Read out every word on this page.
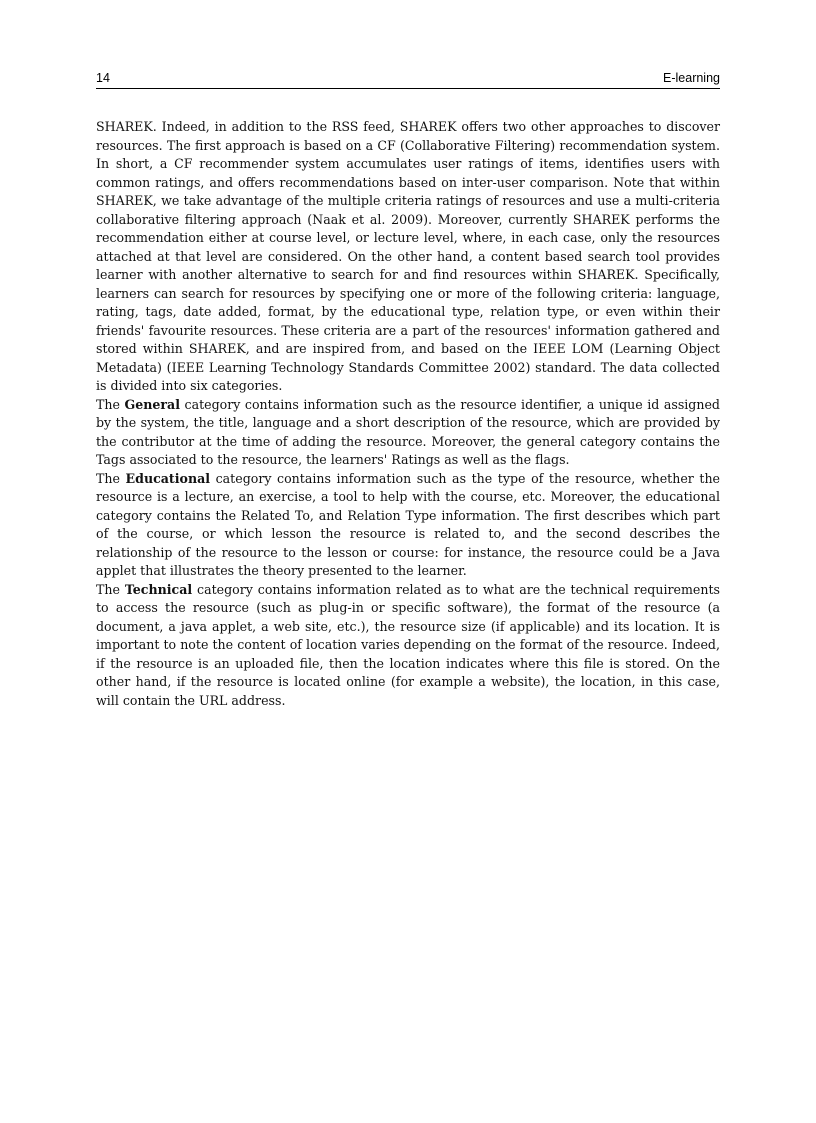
14	E-learning

SHAREK. Indeed, in addition to the RSS feed, SHAREK offers two other approaches to discover resources. The first approach is based on a CF (Collaborative Filtering) recommendation system. In short, a CF recommender system accumulates user ratings of items, identifies users with common ratings, and offers recommendations based on inter-user comparison. Note that within SHAREK, we take advantage of the multiple criteria ratings of resources and use a multi-criteria collaborative filtering approach (Naak et al. 2009). Moreover, currently SHAREK performs the recommendation either at course level, or lecture level, where, in each case, only the resources attached at that level are considered. On the other hand, a content based search tool provides learner with another alternative to search for and find resources within SHAREK. Specifically, learners can search for resources by specifying one or more of the following criteria: language, rating, tags, date added, format, by the educational type, relation type, or even within their friends' favourite resources. These criteria are a part of the resources' information gathered and stored within SHAREK, and are inspired from, and based on the IEEE LOM (Learning Object Metadata) (IEEE Learning Technology Standards Committee 2002) standard. The data collected is divided into six categories.

The General category contains information such as the resource identifier, a unique id assigned by the system, the title, language and a short description of the resource, which are provided by the contributor at the time of adding the resource. Moreover, the general category contains the Tags associated to the resource, the learners' Ratings as well as the flags.

The Educational category contains information such as the type of the resource, whether the resource is a lecture, an exercise, a tool to help with the course, etc. Moreover, the educational category contains the Related To, and Relation Type information. The first describes which part of the course, or which lesson the resource is related to, and the second describes the relationship of the resource to the lesson or course: for instance, the resource could be a Java applet that illustrates the theory presented to the learner.

The Technical category contains information related as to what are the technical requirements to access the resource (such as plug-in or specific software), the format of the resource (a document, a java applet, a web site, etc.), the resource size (if applicable) and its location. It is important to note the content of location varies depending on the format of the resource. Indeed, if the resource is an uploaded file, then the location indicates where this file is stored. On the other hand, if the resource is located online (for example a website), the location, in this case, will contain the URL address.
